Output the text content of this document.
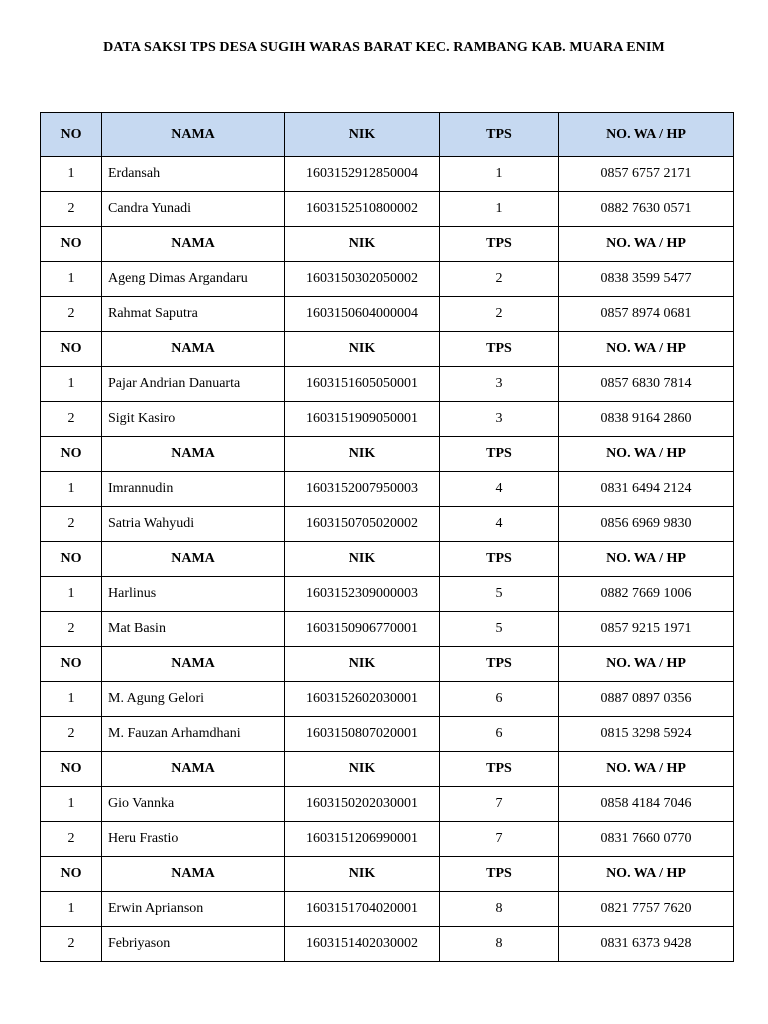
DATA SAKSI TPS DESA SUGIH WARAS BARAT KEC. RAMBANG KAB. MUARA ENIM
NO	NAMA	NIK	TPS	NO. WA / HP
1	Erdansah	1603152912850004	1	0857 6757 2171
2	Candra Yunadi	1603152510800002	1	0882 7630 0571
NO	NAMA	NIK	TPS	NO. WA / HP
1	Ageng Dimas Argandaru	1603150302050002	2	0838 3599 5477
2	Rahmat Saputra	1603150604000004	2	0857 8974 0681
NO	NAMA	NIK	TPS	NO. WA / HP
1	Pajar Andrian Danuarta	1603151605050001	3	0857 6830 7814
2	Sigit Kasiro	1603151909050001	3	0838 9164 2860
NO	NAMA	NIK	TPS	NO. WA / HP
1	Imrannudin	1603152007950003	4	0831 6494 2124
2	Satria Wahyudi	1603150705020002	4	0856 6969 9830
NO	NAMA	NIK	TPS	NO. WA / HP
1	Harlinus	1603152309000003	5	0882 7669 1006
2	Mat Basin	1603150906770001	5	0857 9215 1971
NO	NAMA	NIK	TPS	NO. WA / HP
1	M. Agung Gelori	1603152602030001	6	0887 0897 0356
2	M. Fauzan Arhamdhani	1603150807020001	6	0815 3298 5924
NO	NAMA	NIK	TPS	NO. WA / HP
1	Gio Vannka	1603150202030001	7	0858 4184 7046
2	Heru Frastio	1603151206990001	7	0831 7660 0770
NO	NAMA	NIK	TPS	NO. WA / HP
1	Erwin Aprianson	1603151704020001	8	0821 7757 7620
2	Febriyason	1603151402030002	8	0831 6373 9428
